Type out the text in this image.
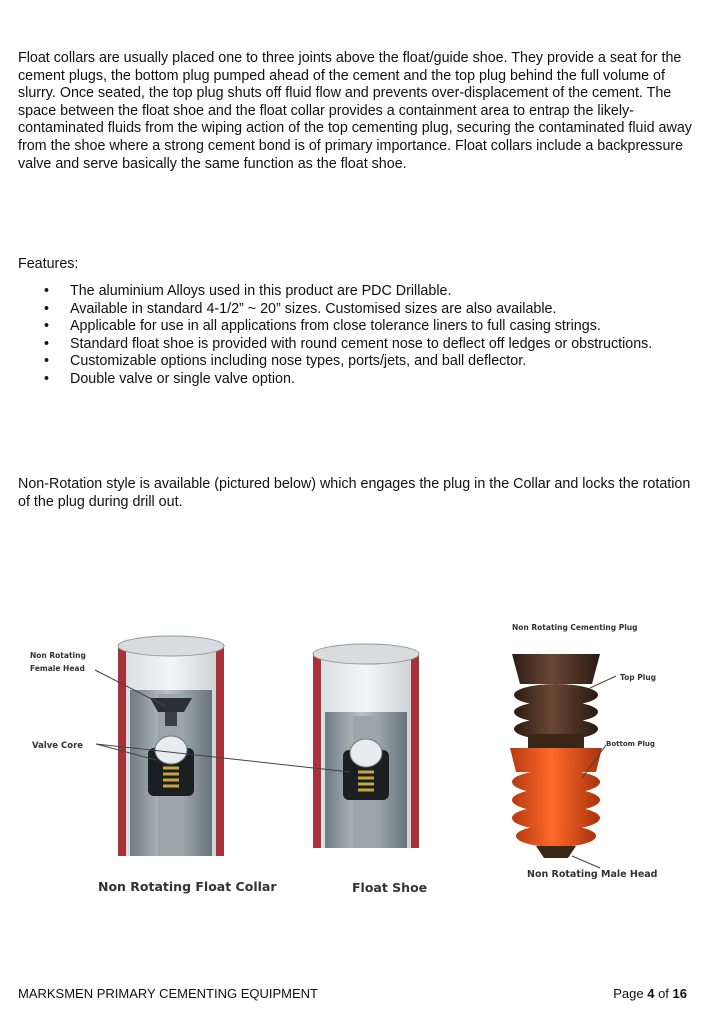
Float collars are usually placed one to three joints above the float/guide shoe. They provide a seat for the cement plugs, the bottom plug pumped ahead of the cement and the top plug behind the full volume of slurry. Once seated, the top plug shuts off fluid flow and prevents over-displacement of the cement. The space between the float shoe and the float collar provides a containment area to entrap the likely-contaminated fluids from the wiping action of the top cementing plug, securing the contaminated fluid away from the shoe where a strong cement bond is of primary importance. Float collars include a backpressure valve and serve basically the same function as the float shoe.

Features:

• The aluminium Alloys used in this product are PDC Drillable.
• Available in standard 4-1/2” ~ 20” sizes. Customised sizes are also available.
• Applicable for use in all applications from close tolerance liners to full casing strings.
• Standard float shoe is provided with round cement nose to deflect off ledges or obstructions.
• Customizable options including nose types, ports/jets, and ball deflector.
• Double valve or single valve option.

Non-Rotation style is available (pictured below) which engages the plug in the Collar and locks the rotation of the plug during drill out.

Non Rotating
Female Head
Valve Core
Non Rotating Float Collar	Float Shoe
Non Rotating Cementing Plug
Top Plug
Bottom Plug
Non Rotating Male Head
MARKSMEN PRIMARY CEMENTING EQUIPMENT	Page 4 of 16
